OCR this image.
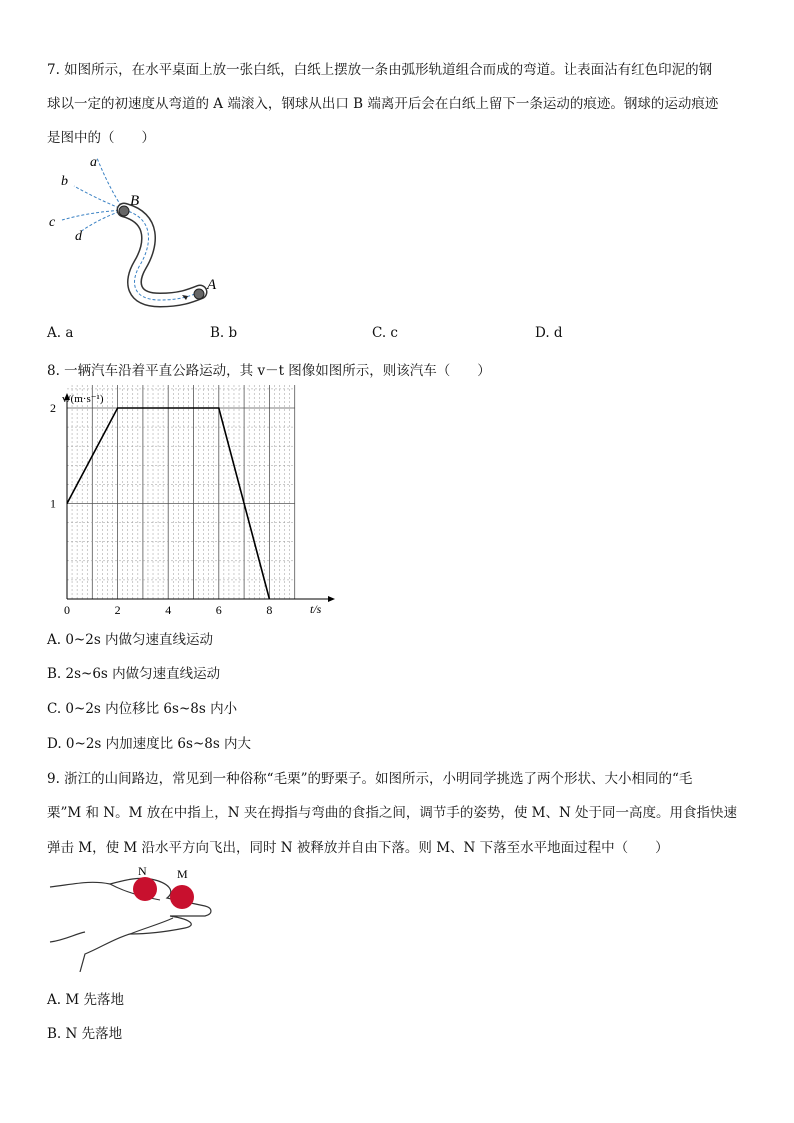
7. 如图所示，在水平桌面上放一张白纸，白纸上摆放一条由弧形轨道组合而成的弯道。让表面沾有红色印泥的钢
球以一定的初速度从弯道的 A 端滚入，钢球从出口 B 端离开后会在白纸上留下一条运动的痕迹。钢球的运动痕迹
是图中的（　　）
a
b
c
d
B
A
A. a	B. b	C. c	D. d
8. 一辆汽车沿着平直公路运动，其 v－t 图像如图所示，则该汽车（　　）
0	2	4	6	8
1
2
v/(m·s⁻¹)
t/s
A. 0~2s 内做匀速直线运动
B. 2s~6s 内做匀速直线运动
C. 0~2s 内位移比 6s~8s 内小
D. 0~2s 内加速度比 6s~8s 内大
9. 浙江的山间路边，常见到一种俗称“毛栗”的野栗子。如图所示，小明同学挑选了两个形状、大小相同的“毛
栗”M 和 N。M 放在中指上，N 夹在拇指与弯曲的食指之间，调节手的姿势，使 M、N 处于同一高度。用食指快速
弹击 M，使 M 沿水平方向飞出，同时 N 被释放并自由下落。则 M、N 下落至水平地面过程中（　　）
N	M
A. M 先落地
B. N 先落地
